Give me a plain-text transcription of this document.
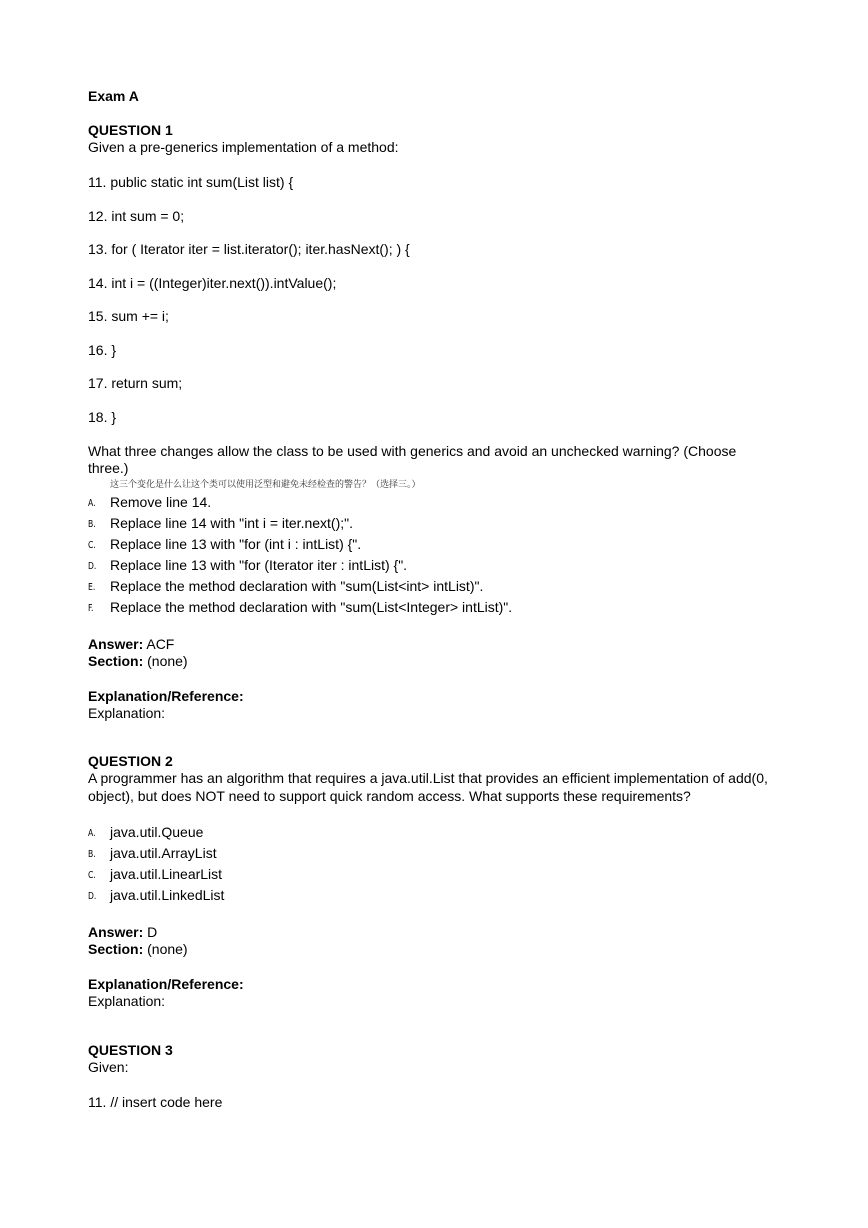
Exam A
QUESTION 1
Given a pre-generics implementation of a method:
11. public static int sum(List list) {
12. int sum = 0;
13. for ( Iterator iter = list.iterator(); iter.hasNext(); ) {
14. int i = ((Integer)iter.next()).intValue();
15. sum += i;
16. }
17. return sum;
18. }
What three changes allow the class to be used with generics and avoid an unchecked warning? (Choose three.)
这三个变化是什么让这个类可以使用泛型和避免未经检查的警告？（选择三。）
A. Remove line 14.
B. Replace line 14 with "int i = iter.next();".
C. Replace line 13 with "for (int i : intList) {".
D. Replace line 13 with "for (Iterator iter : intList) {".
E. Replace the method declaration with "sum(List<int> intList)".
F. Replace the method declaration with "sum(List<Integer> intList)".
Answer: ACF
Section: (none)
Explanation/Reference:
Explanation:
QUESTION 2
A programmer has an algorithm that requires a java.util.List that provides an efficient implementation of add(0, object), but does NOT need to support quick random access. What supports these requirements?
A. java.util.Queue
B. java.util.ArrayList
C. java.util.LinearList
D. java.util.LinkedList
Answer: D
Section: (none)
Explanation/Reference:
Explanation:
QUESTION 3
Given:
11. // insert code here
